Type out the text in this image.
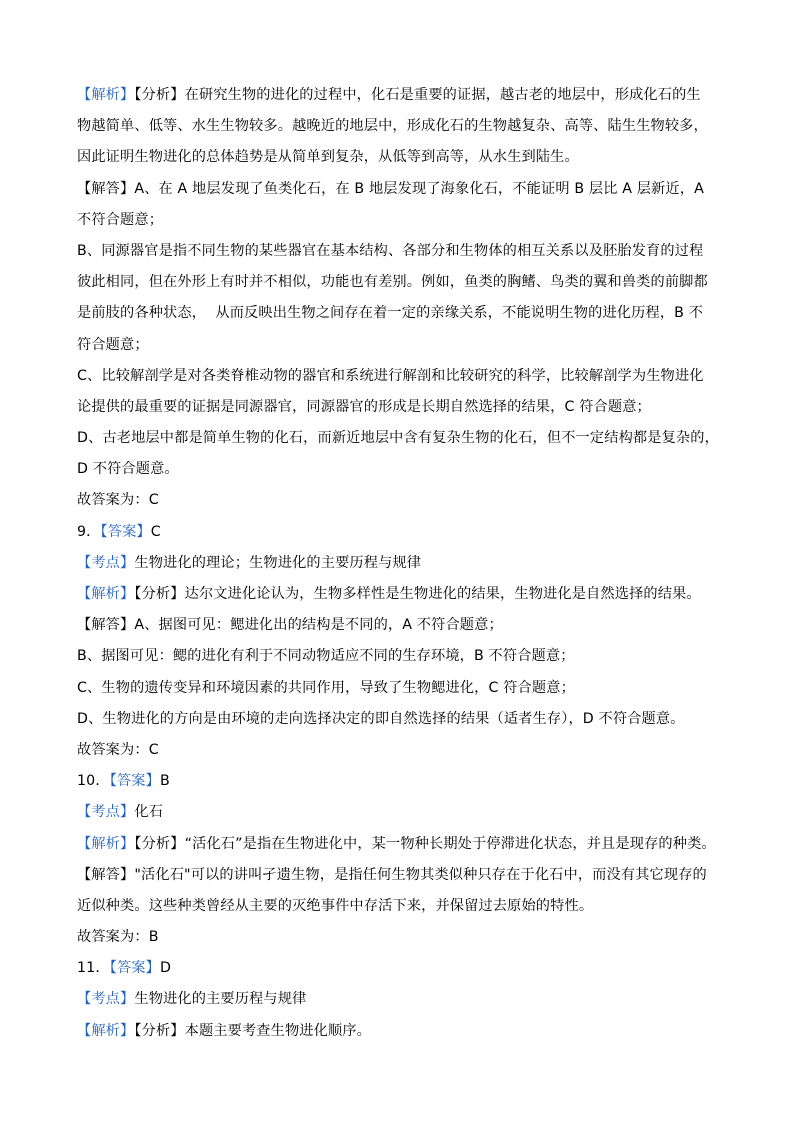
【解析】【分析】在研究生物的进化的过程中，化石是重要的证据，越古老的地层中，形成化石的生
物越简单、低等、水生生物较多。越晚近的地层中，形成化石的生物越复杂、高等、陆生生物较多，
因此证明生物进化的总体趋势是从简单到复杂，从低等到高等，从水生到陆生。
【解答】A、在 A 地层发现了鱼类化石，在 B 地层发现了海象化石，不能证明 B 层比 A 层新近，A
不符合题意；
B、同源器官是指不同生物的某些器官在基本结构、各部分和生物体的相互关系以及胚胎发育的过程
彼此相同，但在外形上有时并不相似，功能也有差别。例如，鱼类的胸鳍、鸟类的翼和兽类的前脚都
是前肢的各种状态，  从而反映出生物之间存在着一定的亲缘关系，不能说明生物的进化历程，B 不
符合题意；
C、比较解剖学是对各类脊椎动物的器官和系统进行解剖和比较研究的科学，比较解剖学为生物进化
论提供的最重要的证据是同源器官，同源器官的形成是长期自然选择的结果，C 符合题意；
D、古老地层中都是简单生物的化石，而新近地层中含有复杂生物的化石，但不一定结构都是复杂的，
D 不符合题意。
故答案为：C
9．【答案】C
【考点】生物进化的理论；生物进化的主要历程与规律
【解析】【分析】达尔文进化论认为，生物多样性是生物进化的结果，生物进化是自然选择的结果。
【解答】A、据图可见：鳃进化出的结构是不同的，A 不符合题意；
B、据图可见：鳃的进化有利于不同动物适应不同的生存环境，B 不符合题意；
C、生物的遗传变异和环境因素的共同作用，导致了生物鳃进化，C 符合题意；
D、生物进化的方向是由环境的走向选择决定的即自然选择的结果（适者生存），D 不符合题意。
故答案为：C
10．【答案】B
【考点】化石
【解析】【分析】“活化石”是指在生物进化中，某一物种长期处于停滞进化状态，并且是现存的种类。
【解答】"活化石"可以的讲叫孑遗生物，是指任何生物其类似种只存在于化石中，而没有其它现存的
近似种类。这些种类曾经从主要的灭绝事件中存活下来，并保留过去原始的特性。
故答案为：B
11．【答案】D
【考点】生物进化的主要历程与规律
【解析】【分析】本题主要考查生物进化顺序。
